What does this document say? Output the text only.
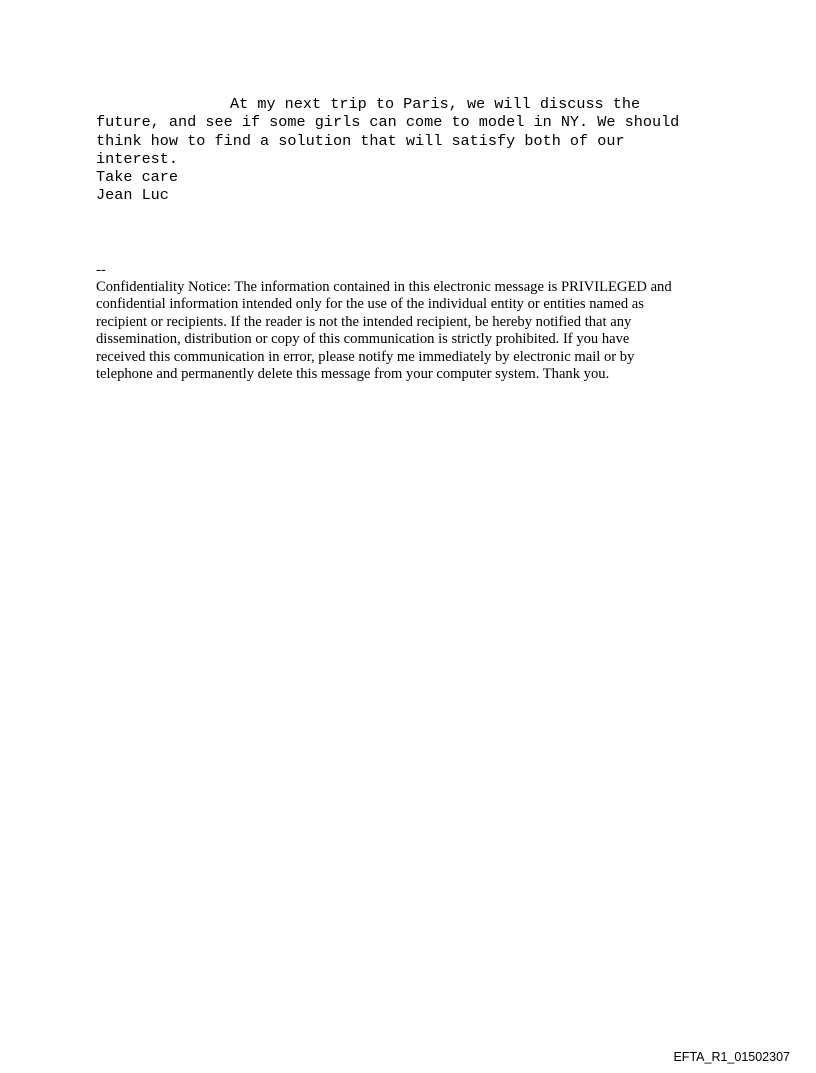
At my next trip to Paris, we will discuss the
future, and see if some girls can come to model in NY. We should
think how to find a solution that will satisfy both of our
interest.
Take care
Jean Luc
--
Confidentiality Notice: The information contained in this electronic message is PRIVILEGED and
confidential information intended only for the use of the individual entity or entities named as
recipient or recipients. If the reader is not the intended recipient, be hereby notified that any
dissemination, distribution or copy of this communication is strictly prohibited. If you have
received this communication in error, please notify me immediately by electronic mail or by
telephone and permanently delete this message from your computer system. Thank you.
EFTA_R1_01502307
